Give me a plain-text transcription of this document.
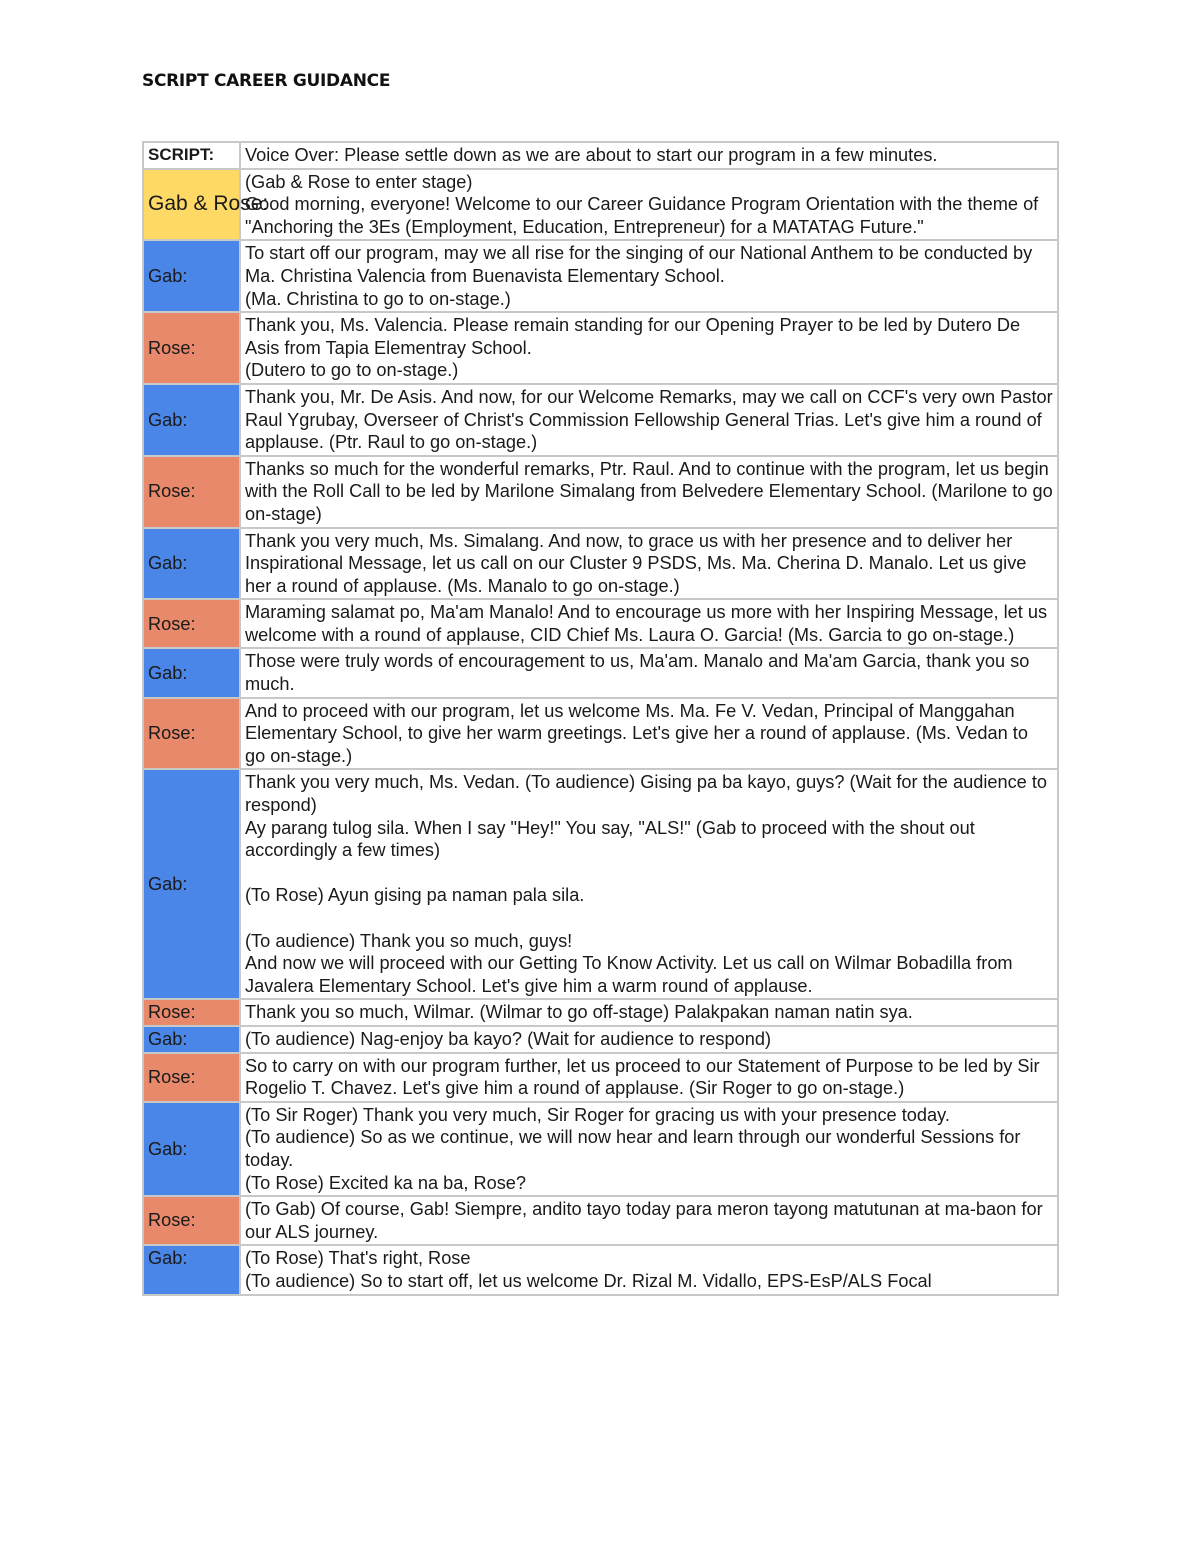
SCRIPT CAREER GUIDANCE
SCRIPT:	Voice Over: Please settle down as we are about to start our program in a few minutes.

Gab & Rose:	(Gab & Rose to enter stage)
Good morning, everyone! Welcome to our Career Guidance Program Orientation with the theme of "Anchoring the 3Es (Employment, Education, Entrepreneur) for a MATATAG Future."

Gab:	To start off our program, may we all rise for the singing of our National Anthem to be conducted by Ma. Christina Valencia from Buenavista Elementary School.
(Ma. Christina to go to on-stage.)

Rose:	Thank you, Ms. Valencia. Please remain standing for our Opening Prayer to be led by Dutero De Asis from Tapia Elementray School.
(Dutero to go to on-stage.)

Gab:	Thank you, Mr. De Asis. And now, for our Welcome Remarks, may we call on CCF's very own Pastor Raul Ygrubay, Overseer of Christ's Commission Fellowship General Trias. Let's give him a round of applause. (Ptr. Raul to go on-stage.)

Rose:	Thanks so much for the wonderful remarks, Ptr. Raul. And to continue with the program, let us begin with the Roll Call to be led by Marilone Simalang from Belvedere Elementary School. (Marilone to go on-stage)

Gab:	Thank you very much, Ms. Simalang. And now, to grace us with her presence and to deliver her Inspirational Message, let us call on our Cluster 9 PSDS, Ms. Ma. Cherina D. Manalo. Let us give her a round of applause. (Ms. Manalo to go on-stage.)

Rose:	Maraming salamat po, Ma'am Manalo! And to encourage us more with her Inspiring Message, let us welcome with a round of applause, CID Chief Ms. Laura O. Garcia! (Ms. Garcia to go on-stage.)

Gab:	Those were truly words of encouragement to us, Ma'am. Manalo and Ma'am Garcia, thank you so much.

Rose:	And to proceed with our program, let us welcome Ms. Ma. Fe V. Vedan, Principal of Manggahan Elementary School, to give her warm greetings. Let's give her a round of applause. (Ms. Vedan to go on-stage.)

Gab:	Thank you very much, Ms. Vedan. (To audience) Gising pa ba kayo, guys? (Wait for the audience to respond)
Ay parang tulog sila. When I say "Hey!" You say, "ALS!" (Gab to proceed with the shout out accordingly a few times)
(To Rose) Ayun gising pa naman pala sila.
(To audience) Thank you so much, guys!
And now we will proceed with our Getting To Know Activity. Let us call on Wilmar Bobadilla from Javalera Elementary School. Let's give him a warm round of applause.

Rose:	Thank you so much, Wilmar. (Wilmar to go off-stage) Palakpakan naman natin sya.

Gab:	(To audience) Nag-enjoy ba kayo? (Wait for audience to respond)

Rose:	So to carry on with our program further, let us proceed to our Statement of Purpose to be led by Sir Rogelio T. Chavez. Let's give him a round of applause. (Sir Roger to go on-stage.)

Gab:	(To Sir Roger) Thank you very much, Sir Roger for gracing us with your presence today.
(To audience) So as we continue, we will now hear and learn through our wonderful Sessions for today.
(To Rose) Excited ka na ba, Rose?

Rose:	(To Gab) Of course, Gab! Siempre, andito tayo today para meron tayong matutunan at ma-baon for our ALS journey.

Gab:	(To Rose) That's right, Rose
(To audience) So to start off, let us welcome Dr. Rizal M. Vidallo, EPS-EsP/ALS Focal
